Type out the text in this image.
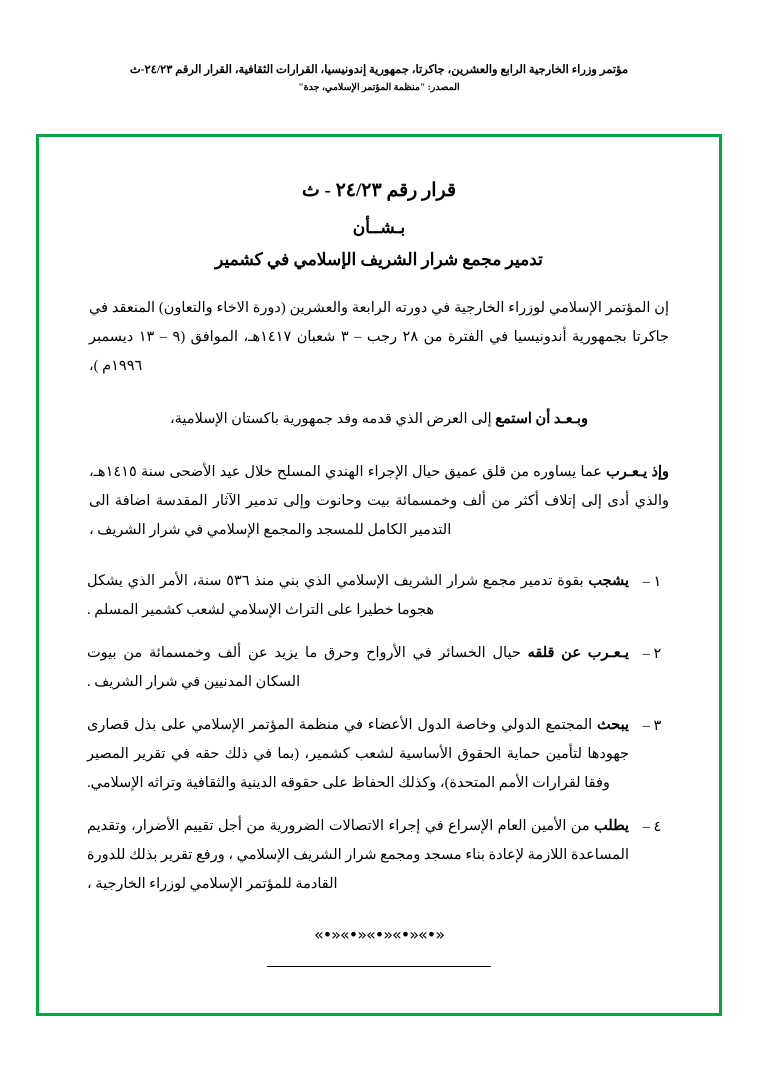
مؤتمر وزراء الخارجية الرابع والعشرين، جاكرتا، جمهورية إندونيسيا، القرارات الثقافية، القرار الرقم ٢٤/٢٣-ث
المصدر: "منظمة المؤتمر الإسلامي، جدة"
قرار رقم ٢٤/٢٣ - ث
بـشــأن
تدمير مجمع شرار الشريف الإسلامي في كشمير
إن المؤتمر الإسلامي لوزراء الخارجية في دورته الرابعة والعشرين (دورة الاخاء والتعاون) المنعقد في جاكرتا بجمهورية أندونيسيا في الفترة من ٢٨ رجب – ٣ شعبان ١٤١٧هـ، الموافق (٩ – ١٣ ديسمبر ١٩٩٦م )،
وبـعـد أن استمع إلى العرض الذي قدمه وفد جمهورية باكستان الإسلامية،
وإذ يـعـرب عما يساوره من قلق عميق حيال الإجراء الهندي المسلح خلال عيد الأضحى سنة ١٤١٥هـ، والذي أدى إلى إتلاف أكثر من ألف وخمسمائة بيت وحانوت وإلى تدمير الآثار المقدسة اضافة الى التدمير الكامل للمسجد والمجمع الإسلامي في شرار الشريف ،
١ –
يشجب بقوة تدمير مجمع شرار الشريف الإسلامي الذي بني منذ ٥٣٦ سنة، الأمر الذي يشكل هجوما خطيرا على التراث الإسلامي لشعب كشمير المسلم .
٢ –
يـعـرب عن قلقه حيال الخسائر في الأرواح وحرق ما يزيد عن ألف وخمسمائة من بيوت السكان المدنيين في شرار الشريف .
٣ –
يبحث المجتمع الدولي وخاصة الدول الأعضاء في منظمة المؤتمر الإسلامي على بذل قصارى جهودها لتأمين حماية الحقوق الأساسية لشعب كشمير، (بما في ذلك حقه في تقرير المصير وفقا لقرارات الأمم المتحدة)، وكذلك الحفاظ على حقوقه الدينية والثقافية وتراثه الإسلامي.
٤ –
يطلب من الأمين العام الإسراع في إجراء الاتصالات الضرورية من أجل تقييم الأضرار، وتقديم المساعدة اللازمة لإعادة بناء مسجد ومجمع شرار الشريف الإسلامي ، ورفع تقرير بذلك للدورة القادمة للمؤتمر الإسلامي لوزراء الخارجية ،
«•»«•»«•»«•»«•»
